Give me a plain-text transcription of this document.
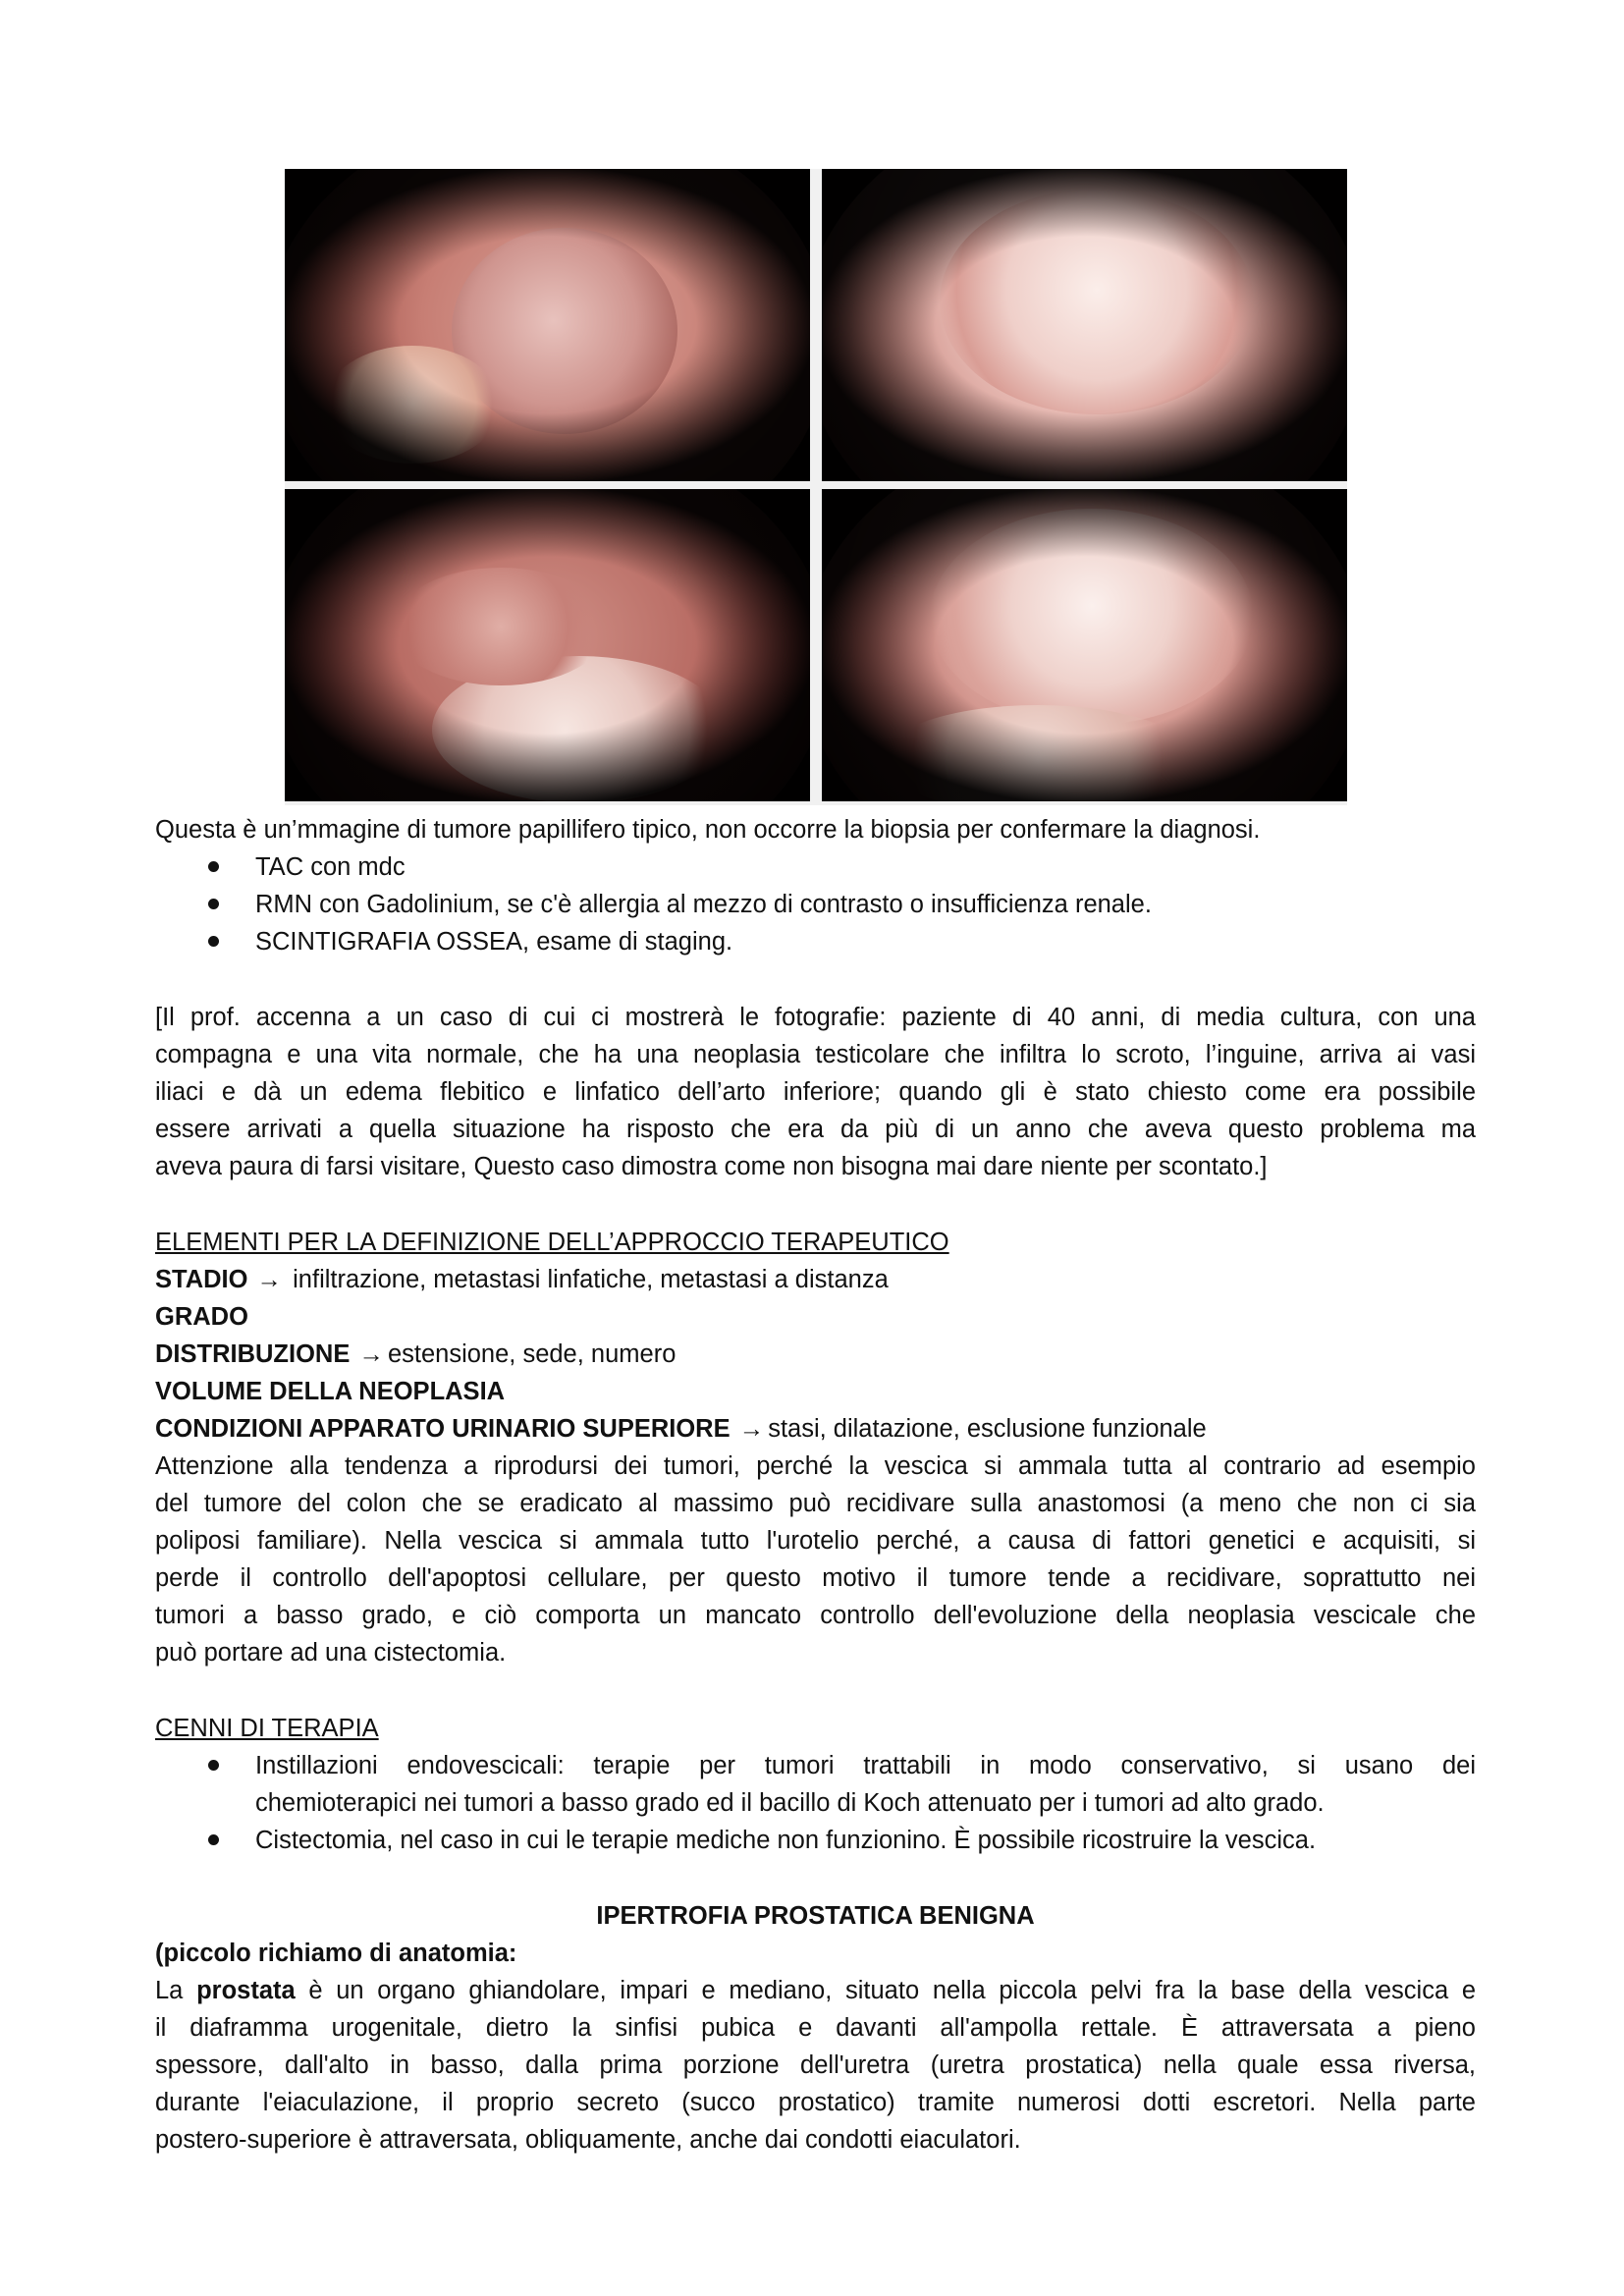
Questa è un’mmagine di tumore papillifero tipico, non occorre la biopsia per confermare la diagnosi.
TAC con mdc
RMN con Gadolinium, se c'è allergia al mezzo di contrasto o insufficienza renale.
SCINTIGRAFIA OSSEA, esame di staging.
[Il prof. accenna a un caso di cui ci mostrerà le fotografie: paziente di 40 anni, di media cultura, con una
compagna e una vita normale, che ha una neoplasia testicolare che infiltra lo scroto, l’inguine, arriva ai vasi
iliaci e dà un edema flebitico e linfatico dell’arto inferiore; quando gli è stato chiesto come era possibile
essere arrivati a quella situazione ha risposto che era da più di un anno che aveva questo problema ma
aveva paura di farsi visitare, Questo caso dimostra come non bisogna mai dare niente per scontato.]
ELEMENTI PER LA DEFINIZIONE DELL’APPROCCIO TERAPEUTICO
STADIO → infiltrazione, metastasi linfatiche, metastasi a distanza
GRADO
DISTRIBUZIONE → estensione, sede, numero
VOLUME DELLA NEOPLASIA
CONDIZIONI APPARATO URINARIO SUPERIORE → stasi, dilatazione, esclusione funzionale
Attenzione alla tendenza a riprodursi dei tumori, perché la vescica si ammala tutta al contrario ad esempio
del tumore del colon che se eradicato al massimo può recidivare sulla anastomosi (a meno che non ci sia
poliposi familiare). Nella vescica si ammala tutto l'urotelio perché, a causa di fattori genetici e acquisiti, si
perde il controllo dell'apoptosi cellulare, per questo motivo il tumore tende a recidivare, soprattutto nei
tumori a basso grado, e ciò comporta un mancato controllo dell'evoluzione della neoplasia vescicale che
può portare ad una cistectomia.
CENNI DI TERAPIA
Instillazioni endovescicali: terapie per tumori trattabili in modo conservativo, si usano dei
chemioterapici nei tumori a basso grado ed il bacillo di Koch attenuato per i tumori ad alto grado.
Cistectomia, nel caso in cui le terapie mediche non funzionino. È possibile ricostruire la vescica.
IPERTROFIA PROSTATICA BENIGNA
(piccolo richiamo di anatomia:
La prostata è un organo ghiandolare, impari e mediano, situato nella piccola pelvi fra la base della vescica e
il diaframma urogenitale, dietro la sinfisi pubica e davanti all'ampolla rettale. È attraversata a pieno
spessore, dall'alto in basso, dalla prima porzione dell'uretra (uretra prostatica) nella quale essa riversa,
durante l'eiaculazione, il proprio secreto (succo prostatico) tramite numerosi dotti escretori. Nella parte
postero-superiore è attraversata, obliquamente, anche dai condotti eiaculatori.
